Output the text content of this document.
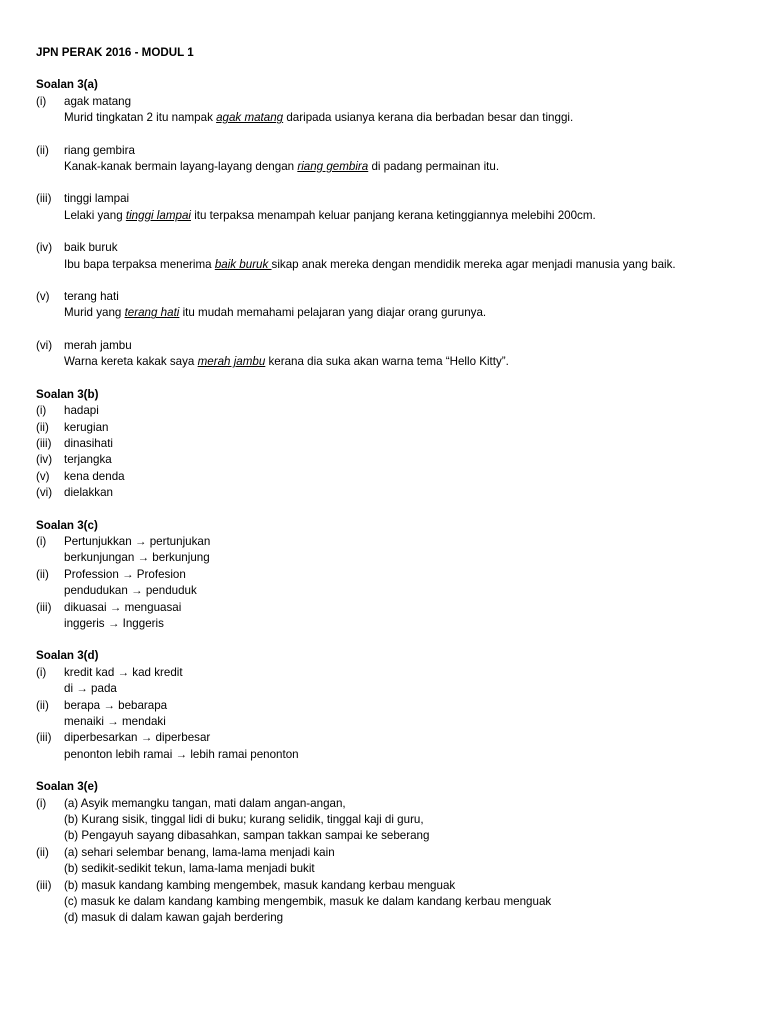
JPN PERAK 2016 - MODUL 1
Soalan 3(a)
(i)	agak matang
Murid tingkatan 2 itu nampak agak matang daripada usianya kerana dia berbadan besar dan tinggi.
(ii)	riang gembira
Kanak-kanak bermain layang-layang dengan riang gembira di padang permainan itu.
(iii)	tinggi lampai
Lelaki yang tinggi lampai itu terpaksa menampah keluar panjang kerana ketinggiannya melebihi 200cm.
(iv)	baik buruk
Ibu bapa terpaksa menerima baik buruk sikap anak mereka dengan mendidik mereka agar menjadi manusia yang baik.
(v)	terang hati
Murid yang terang hati itu mudah memahami pelajaran yang diajar orang gurunya.
(vi)	merah jambu
Warna kereta kakak saya merah jambu kerana dia suka akan warna tema “Hello Kitty”.
Soalan 3(b)
(i)	hadapi
(ii)	kerugian
(iii)	dinasihati
(iv)	terjangka
(v)	kena denda
(vi)	dielakkan
Soalan 3(c)
(i)	Pertunjukkan → pertunjukan
berkunjungan → berkunjung
(ii)	Profession → Profesion
pendudukan → penduduk
(iii)	dikuasai → menguasai
inggeris → Inggeris
Soalan 3(d)
(i)	kredit kad → kad kredit
di → pada
(ii)	berapa → bebarapa
menaiki → mendaki
(iii)	diperbesarkan → diperbesar
penonton lebih ramai → lebih ramai penonton
Soalan 3(e)
(i)	(a) Asyik memangku tangan, mati dalam angan-angan,
(b) Kurang sisik, tinggal lidi di buku; kurang selidik, tinggal kaji di guru,
(b) Pengayuh sayang dibasahkan, sampan takkan sampai ke seberang
(ii)	(a) sehari selembar benang, lama-lama menjadi kain
(b) sedikit-sedikit tekun, lama-lama menjadi bukit
(iii)	(b) masuk kandang kambing mengembek, masuk kandang kerbau menguak
(c) masuk ke dalam kandang kambing mengembik, masuk ke dalam kandang kerbau menguak
(d) masuk di dalam kawan gajah berdering
